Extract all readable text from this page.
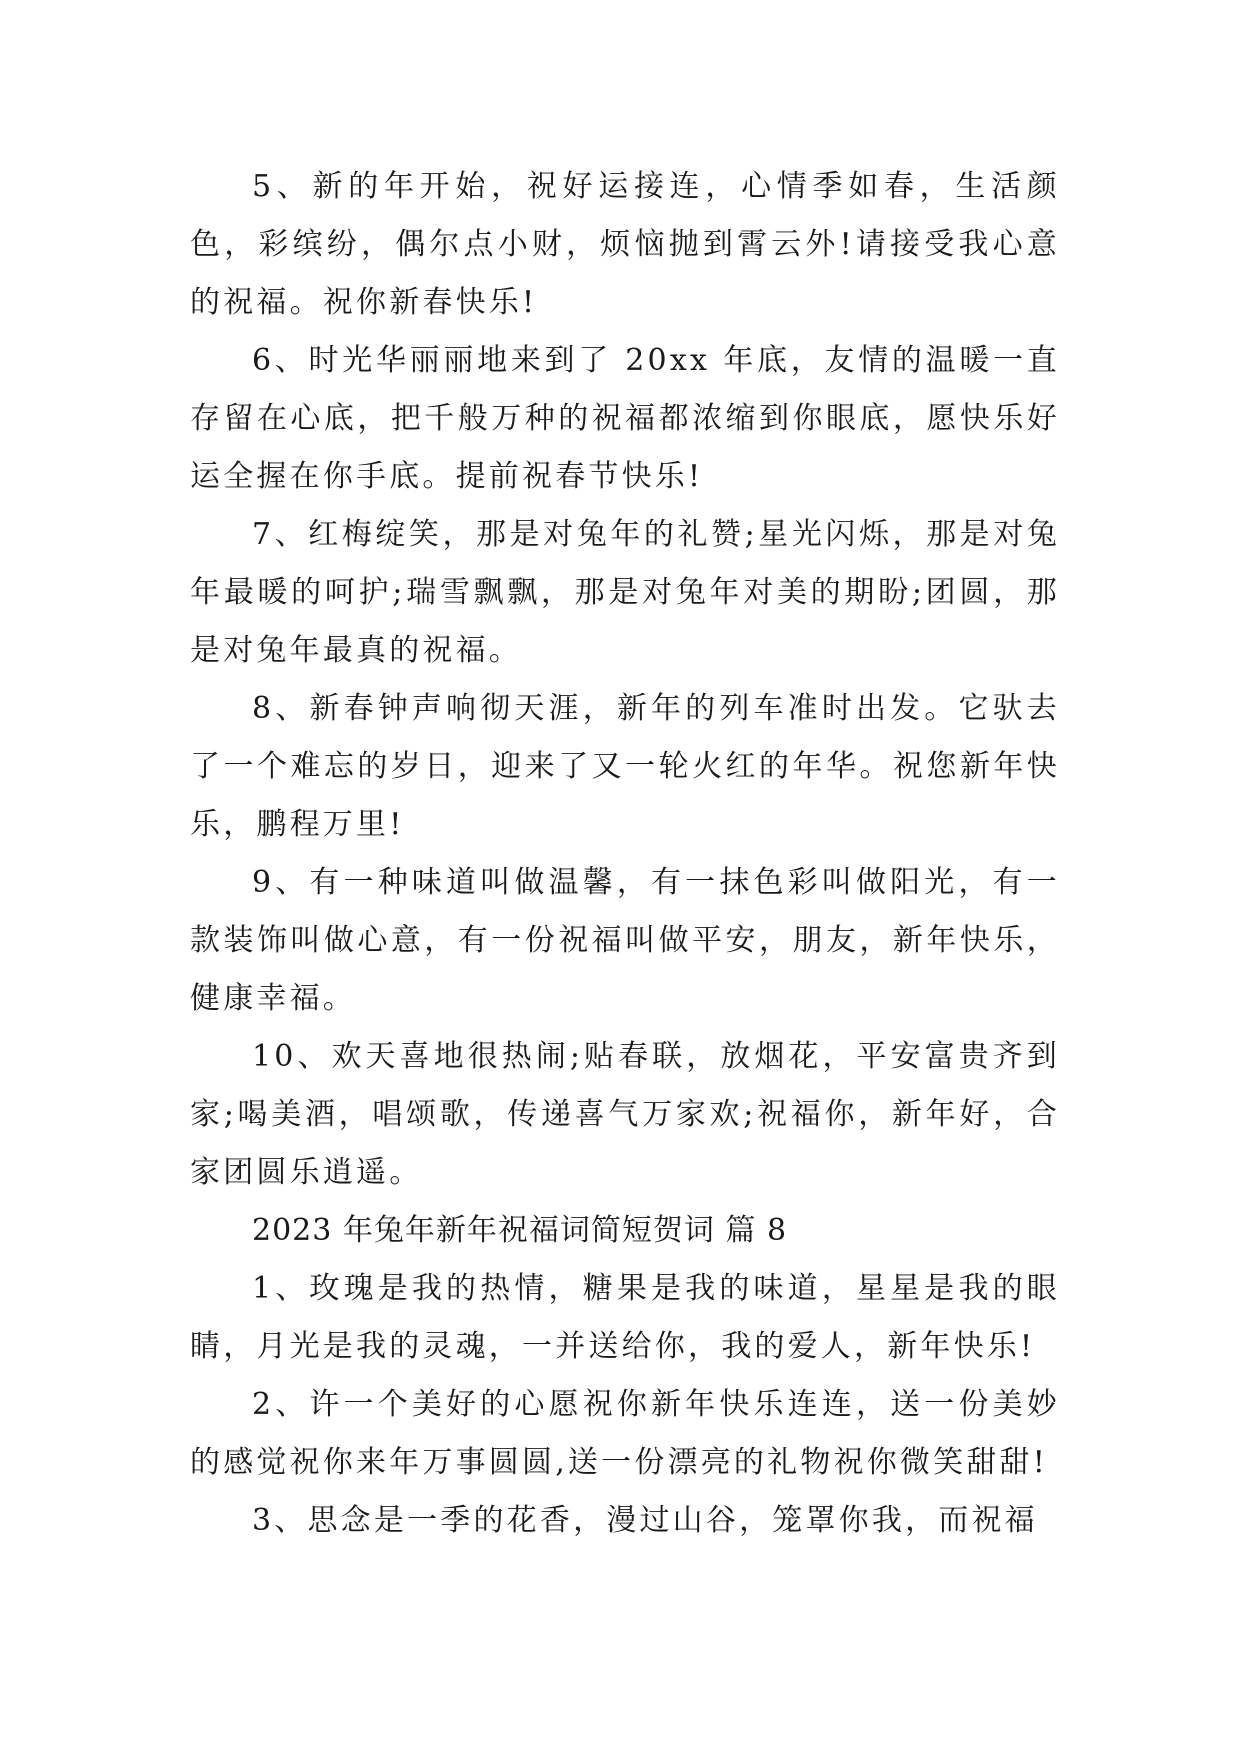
5、新的年开始，祝好运接连，心情季如春，生活颜色，彩缤纷，偶尔点小财，烦恼抛到霄云外!请接受我心意的祝福。祝你新春快乐!

6、时光华丽丽地来到了 20xx 年底，友情的温暖一直存留在心底，把千般万种的祝福都浓缩到你眼底，愿快乐好运全握在你手底。提前祝春节快乐!

7、红梅绽笑，那是对兔年的礼赞;星光闪烁，那是对兔年最暖的呵护;瑞雪飘飘，那是对兔年对美的期盼;团圆，那是对兔年最真的祝福。

8、新春钟声响彻天涯，新年的列车准时出发。它驮去了一个难忘的岁日，迎来了又一轮火红的年华。祝您新年快乐，鹏程万里!

9、有一种味道叫做温馨，有一抹色彩叫做阳光，有一款装饰叫做心意，有一份祝福叫做平安，朋友，新年快乐，健康幸福。

10、欢天喜地很热闹;贴春联，放烟花，平安富贵齐到家;喝美酒，唱颂歌，传递喜气万家欢;祝福你，新年好，合家团圆乐逍遥。

2023 年兔年新年祝福词简短贺词 篇 8

1、玫瑰是我的热情，糖果是我的味道，星星是我的眼睛，月光是我的灵魂，一并送给你，我的爱人，新年快乐!

2、许一个美好的心愿祝你新年快乐连连，送一份美妙的感觉祝你来年万事圆圆,送一份漂亮的礼物祝你微笑甜甜!

3、思念是一季的花香，漫过山谷，笼罩你我，而祝福
